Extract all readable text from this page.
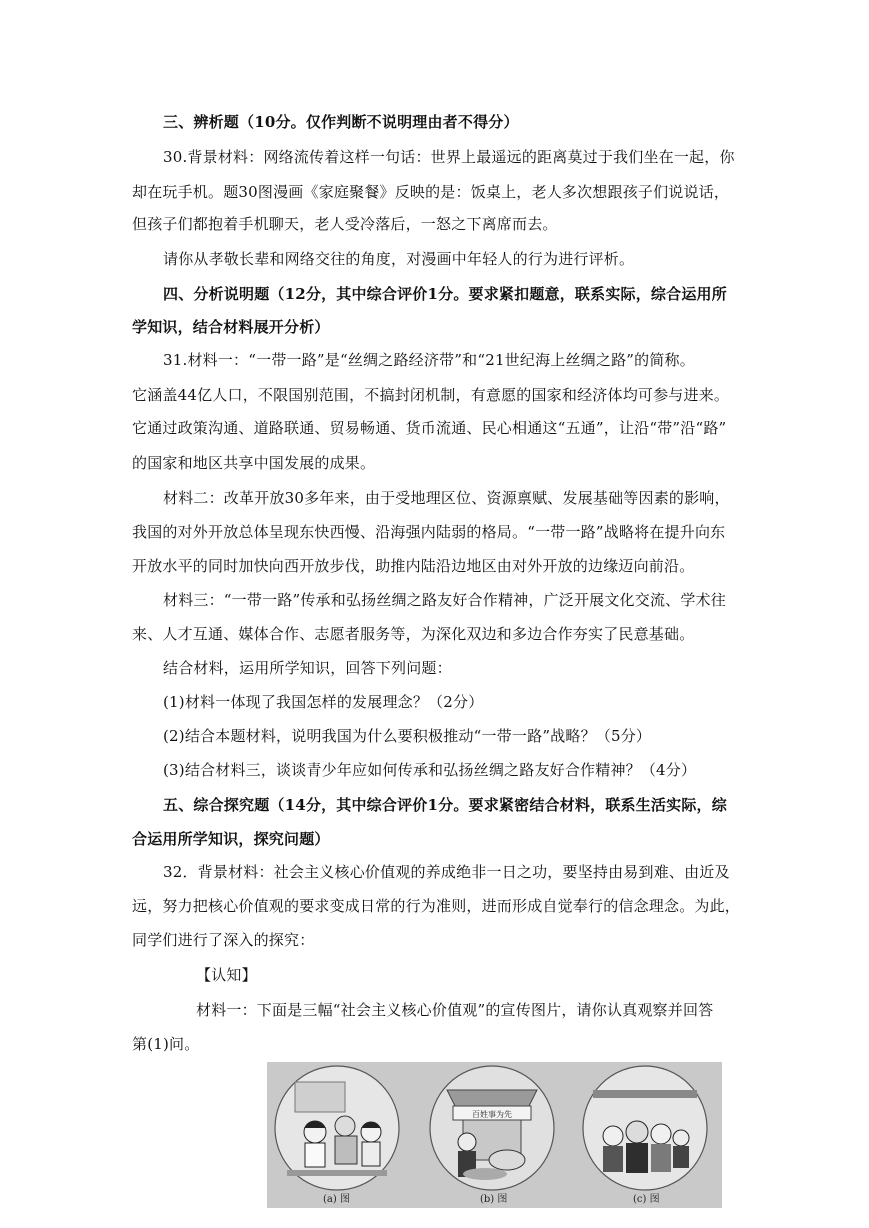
三、辨析题（10分。仅作判断不说明理由者不得分）
30.背景材料：网络流传着这样一句话：世界上最遥远的距离莫过于我们坐在一起，你
却在玩手机。题30图漫画《家庭聚餐》反映的是：饭桌上，老人多次想跟孩子们说说话，
但孩子们都抱着手机聊天，老人受冷落后，一怒之下离席而去。
请你从孝敬长辈和网络交往的角度，对漫画中年轻人的行为进行评析。
四、分析说明题（12分，其中综合评价1分。要求紧扣题意，联系实际，综合运用所
学知识，结合材料展开分析）
31.材料一：“一带一路”是“丝绸之路经济带”和“21世纪海上丝绸之路”的简称。
它涵盖44亿人口，不限国别范围，不搞封闭机制，有意愿的国家和经济体均可参与进来。
它通过政策沟通、道路联通、贸易畅通、货币流通、民心相通这“五通”，让沿“带”沿“路”
的国家和地区共享中国发展的成果。
材料二：改革开放30多年来，由于受地理区位、资源禀赋、发展基础等因素的影响，
我国的对外开放总体呈现东快西慢、沿海强内陆弱的格局。“一带一路”战略将在提升向东
开放水平的同时加快向西开放步伐，助推内陆沿边地区由对外开放的边缘迈向前沿。
材料三：“一带一路”传承和弘扬丝绸之路友好合作精神，广泛开展文化交流、学术往
来、人才互通、媒体合作、志愿者服务等，为深化双边和多边合作夯实了民意基础。
结合材料，运用所学知识，回答下列问题：
(1)材料一体现了我国怎样的发展理念？（2分）
(2)结合本题材料，说明我国为什么要积极推动“一带一路”战略？（5分）
(3)结合材料三，谈谈青少年应如何传承和弘扬丝绸之路友好合作精神？（4分）
五、综合探究题（14分，其中综合评价1分。要求紧密结合材料，联系生活实际，综
合运用所学知识，探究问题）
32．背景材料：社会主义核心价值观的养成绝非一日之功，要坚持由易到难、由近及
远，努力把核心价值观的要求变成日常的行为准则，进而形成自觉奉行的信念理念。为此，
同学们进行了深入的探究：
【认知】
材料一：下面是三幅“社会主义核心价值观”的宣传图片，请你认真观察并回答
第(1)问。
百姓事为先
(a) 图	(b) 图	(c) 图
